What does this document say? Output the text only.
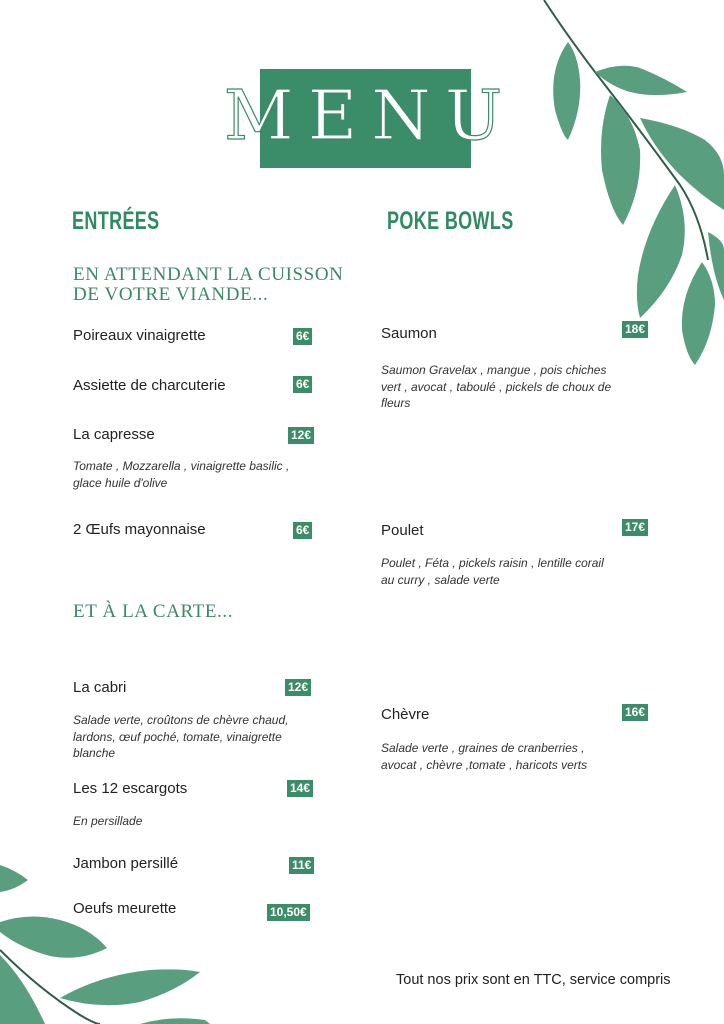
MENU
ENTRÉES
EN ATTENDANT LA CUISSON
DE VOTRE VIANDE...
Poireaux vinaigrette	6€
Assiette de charcuterie	6€
La capresse	12€
Tomate , Mozzarella , vinaigrette basilic ,
glace huile d'olive
2 Œufs mayonnaise	6€
ET À LA CARTE...
La cabri	12€
Salade verte, croûtons de chèvre chaud,
lardons, œuf poché, tomate, vinaigrette
blanche
Les 12 escargots	14€
En persillade
Jambon persillé	11€
Oeufs meurette	10,50€
POKE BOWLS
Saumon	18€
Saumon Gravelax , mangue , pois chiches
vert , avocat , taboulé , pickels de choux de
fleurs
Poulet	17€
Poulet , Féta , pickels raisin , lentille corail
au curry , salade verte
Chèvre	16€
Salade verte , graines de cranberries ,
avocat , chèvre ,tomate , haricots verts
Tout nos prix sont en TTC, service compris
